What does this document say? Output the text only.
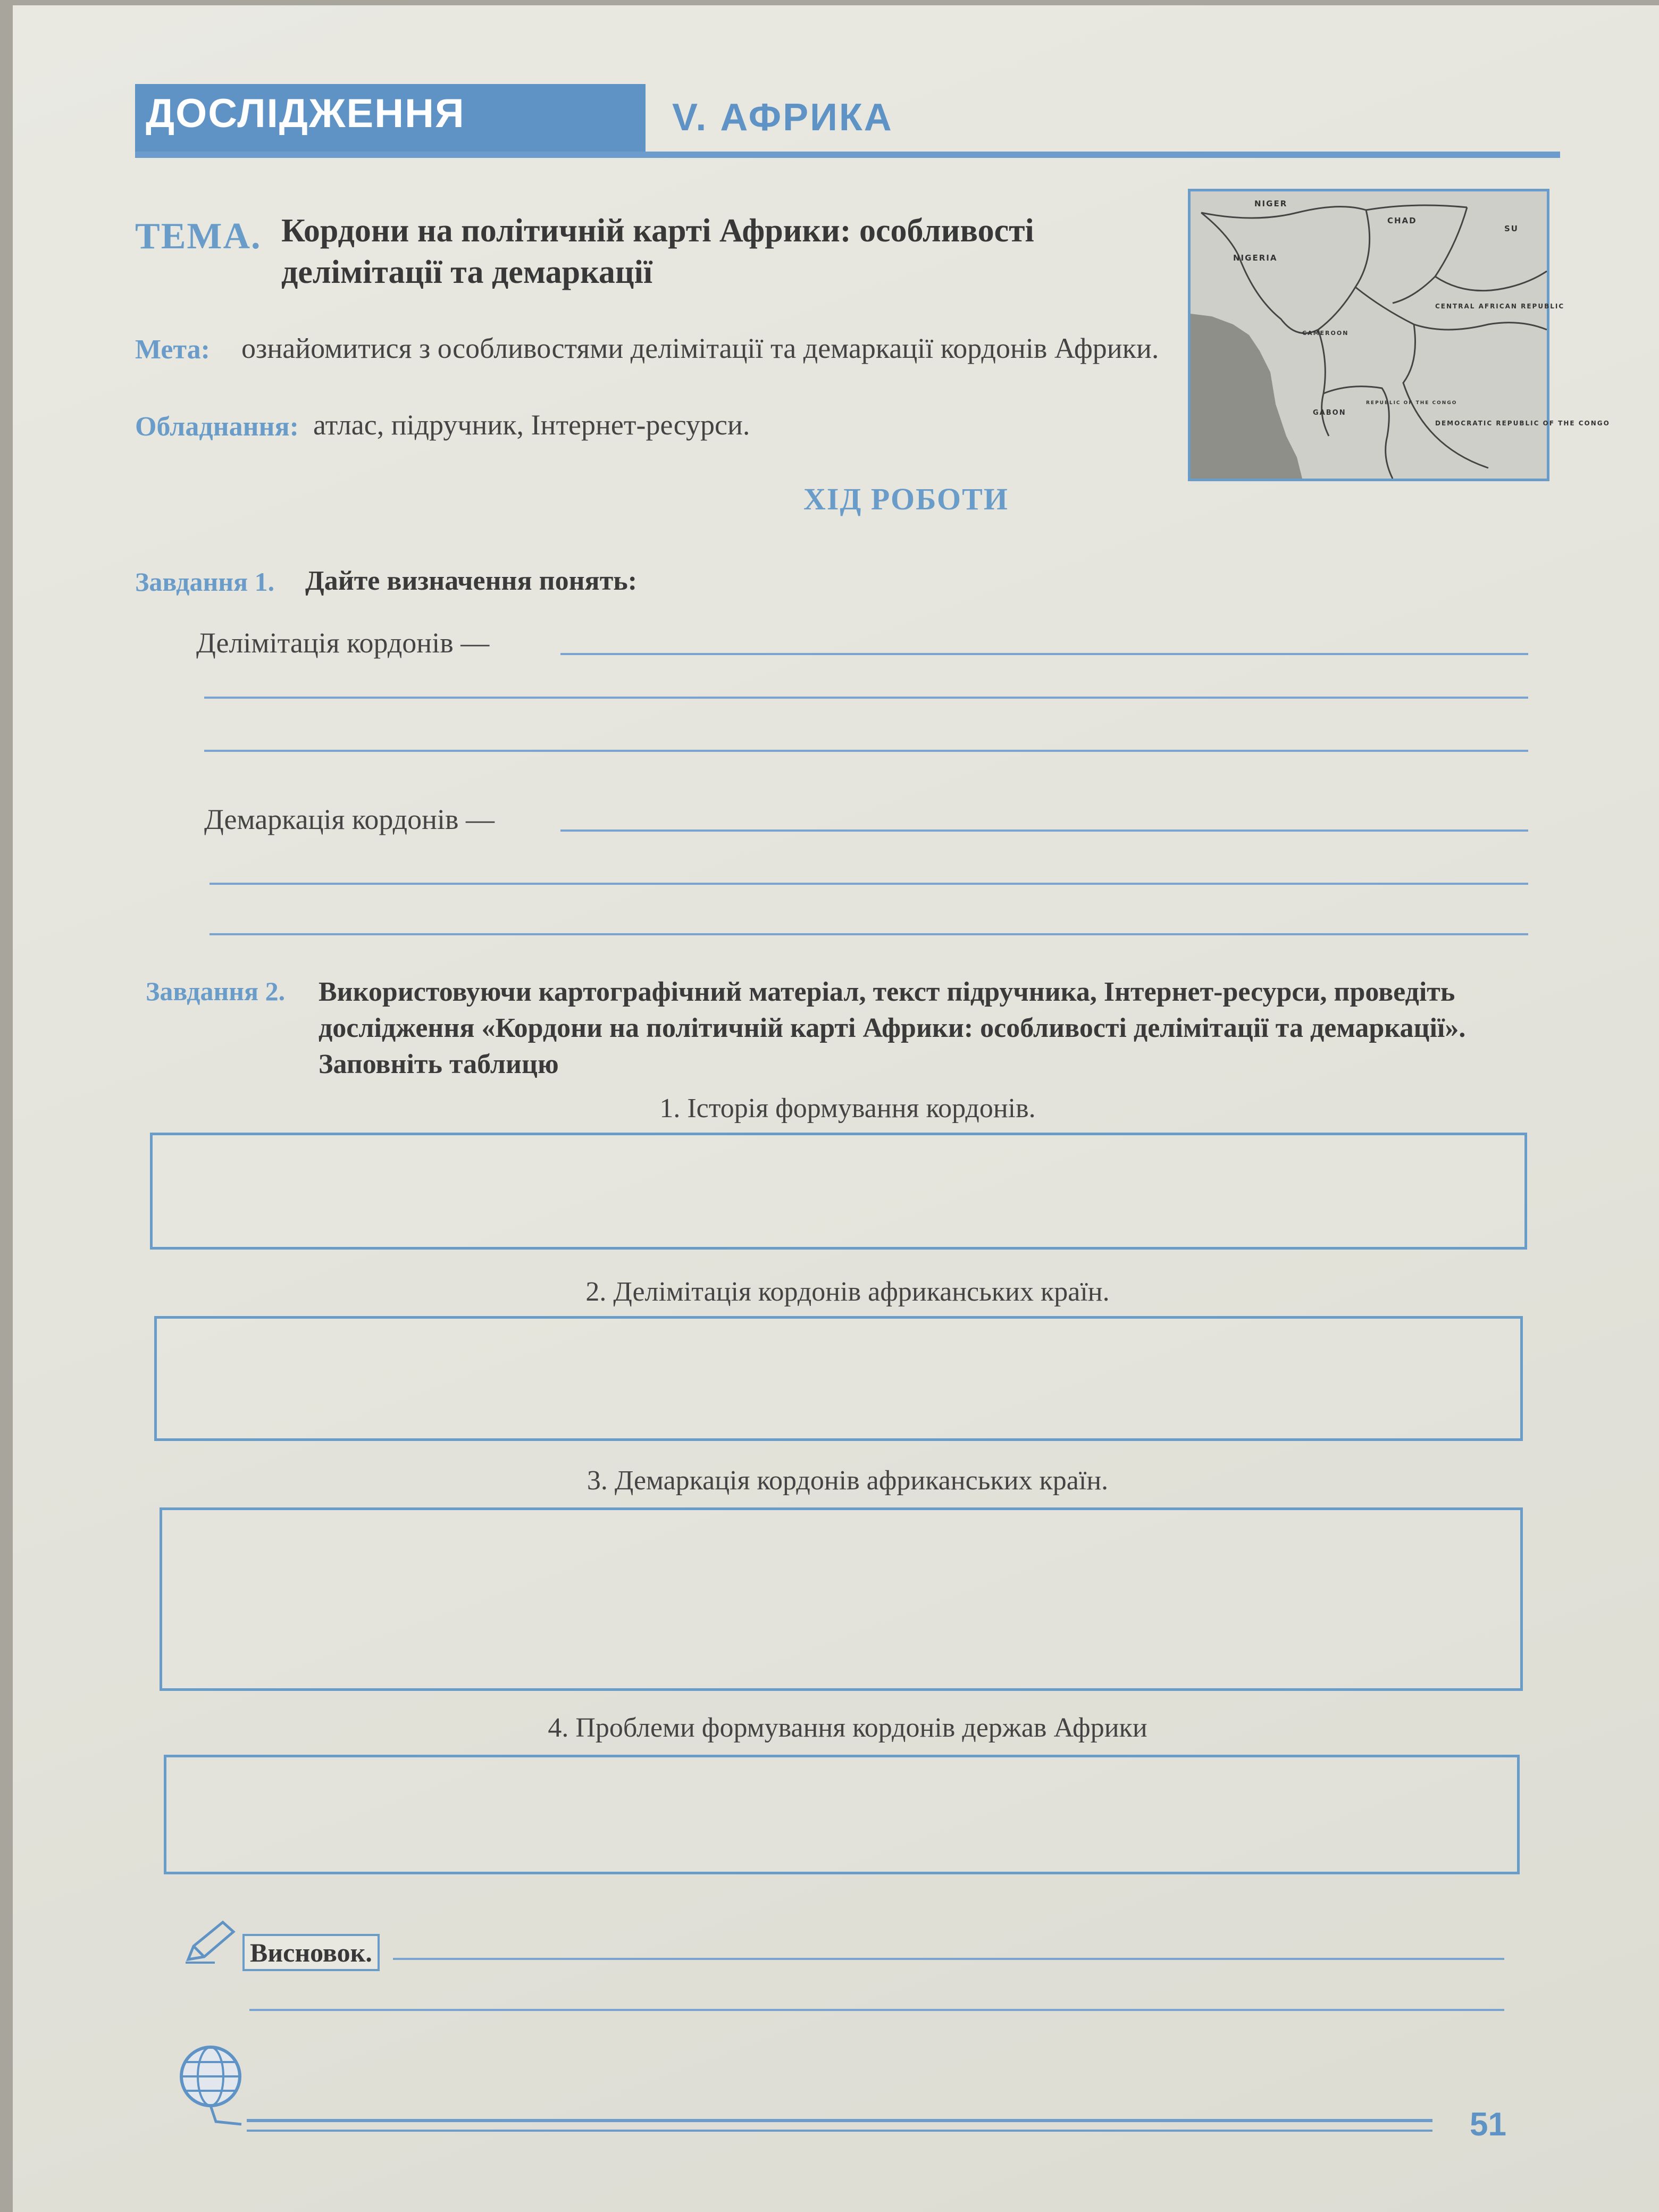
ДОСЛІДЖЕННЯ	V. АФРИКА
ТЕМА. Кордони на політичній карті Африки: особливості делімітації та демаркації
Мета: ознайомитися з особливостями делімітації та демаркації кордонів Африки.
Обладнання: атлас, підручник, Інтернет-ресурси.
NIGER
CHAD
SU
NIGERIA
CAMEROON
CENTRAL AFRICAN REPUBLIC
GABON
REPUBLIC OF THE CONGO
DEMOCRATIC REPUBLIC OF THE CONGO
ХІД РОБОТИ
Завдання 1. Дайте визначення понять:
Делімітація кордонів —
Демаркація кордонів —
Завдання 2. Використовуючи картографічний матеріал, текст підручника, Інтернет-ресурси, проведіть дослідження «Кордони на політичній карті Африки: особливості делімітації та демаркації». Заповніть таблицю
1. Історія формування кордонів.
2. Делімітація кордонів африканських країн.
3. Демаркація кордонів африканських країн.
4. Проблеми формування кордонів держав Африки
Висновок.
51
